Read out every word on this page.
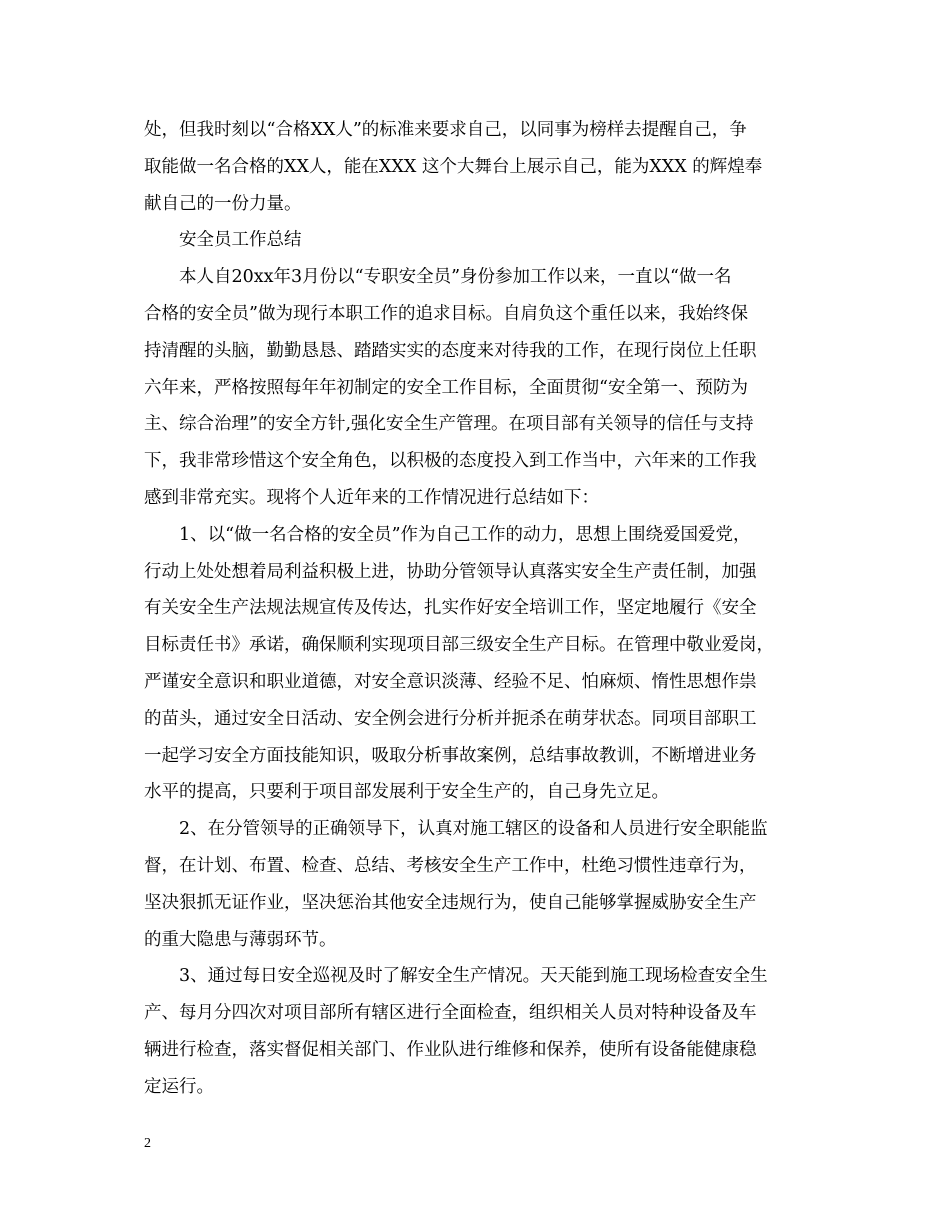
处，但我时刻以“合格XX人”的标准来要求自己，以同事为榜样去提醒自己，争
取能做一名合格的XX人，能在XXX 这个大舞台上展示自己，能为XXX 的辉煌奉
献自己的一份力量。
安全员工作总结
本人自20xx年3月份以“专职安全员”身份参加工作以来，一直以“做一名
合格的安全员”做为现行本职工作的追求目标。自肩负这个重任以来，我始终保
持清醒的头脑，勤勤恳恳、踏踏实实的态度来对待我的工作，在现行岗位上任职
六年来，严格按照每年年初制定的安全工作目标，全面贯彻“安全第一、预防为
主、综合治理”的安全方针,强化安全生产管理。在项目部有关领导的信任与支持
下，我非常珍惜这个安全角色，以积极的态度投入到工作当中，六年来的工作我
感到非常充实。现将个人近年来的工作情况进行总结如下：
1、以“做一名合格的安全员”作为自己工作的动力，思想上围绕爱国爱党，
行动上处处想着局利益积极上进，协助分管领导认真落实安全生产责任制，加强
有关安全生产法规法规宣传及传达，扎实作好安全培训工作，坚定地履行《安全
目标责任书》承诺，确保顺利实现项目部三级安全生产目标。在管理中敬业爱岗，
严谨安全意识和职业道德，对安全意识淡薄、经验不足、怕麻烦、惰性思想作祟
的苗头，通过安全日活动、安全例会进行分析并扼杀在萌芽状态。同项目部职工
一起学习安全方面技能知识，吸取分析事故案例，总结事故教训，不断增进业务
水平的提高，只要利于项目部发展利于安全生产的，自己身先立足。
2、在分管领导的正确领导下，认真对施工辖区的设备和人员进行安全职能监
督，在计划、布置、检查、总结、考核安全生产工作中，杜绝习惯性违章行为，
坚决狠抓无证作业，坚决惩治其他安全违规行为，使自己能够掌握威胁安全生产
的重大隐患与薄弱环节。
3、通过每日安全巡视及时了解安全生产情况。天天能到施工现场检查安全生
产、每月分四次对项目部所有辖区进行全面检查，组织相关人员对特种设备及车
辆进行检查，落实督促相关部门、作业队进行维修和保养，使所有设备能健康稳
定运行。
2
